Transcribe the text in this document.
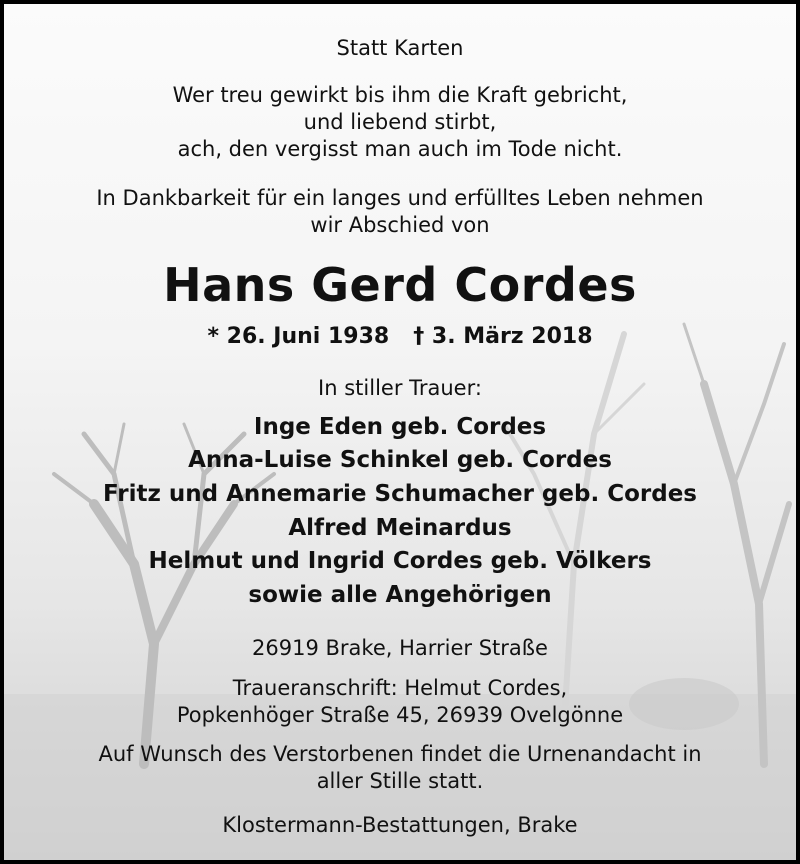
Statt Karten
Wer treu gewirkt bis ihm die Kraft gebricht,
und liebend stirbt,
ach, den vergisst man auch im Tode nicht.
In Dankbarkeit für ein langes und erfülltes Leben nehmen
wir Abschied von
Hans Gerd Cordes
* 26. Juni 1938 † 3. März 2018
In stiller Trauer:
Inge Eden geb. Cordes
Anna-Luise Schinkel geb. Cordes
Fritz und Annemarie Schumacher geb. Cordes
Alfred Meinardus
Helmut und Ingrid Cordes geb. Völkers
sowie alle Angehörigen
26919 Brake, Harrier Straße
Traueranschrift: Helmut Cordes,
Popkenhöger Straße 45, 26939 Ovelgönne
Auf Wunsch des Verstorbenen findet die Urnenandacht in
aller Stille statt.
Klostermann-Bestattungen, Brake
